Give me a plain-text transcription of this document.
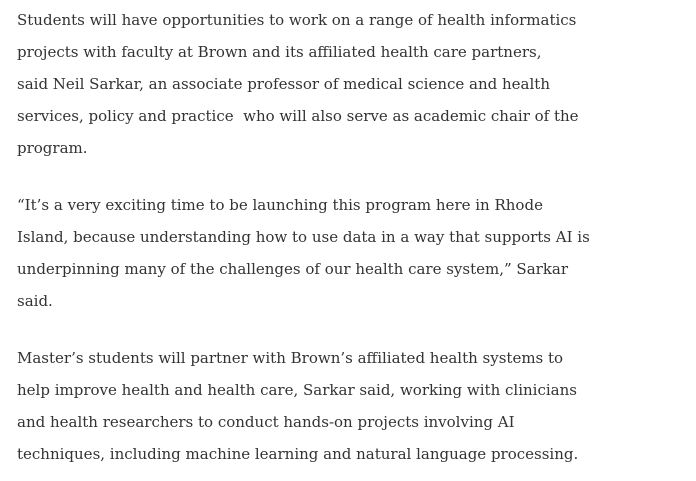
Students will have opportunities to work on a range of health informatics
projects with faculty at Brown and its affiliated health care partners,
said Neil Sarkar, an associate professor of medical science and health
services, policy and practice  who will also serve as academic chair of the
program.
“It’s a very exciting time to be launching this program here in Rhode
Island, because understanding how to use data in a way that supports AI is
underpinning many of the challenges of our health care system,” Sarkar
said.
Master’s students will partner with Brown’s affiliated health systems to
help improve health and health care, Sarkar said, working with clinicians
and health researchers to conduct hands-on projects involving AI
techniques, including machine learning and natural language processing.
